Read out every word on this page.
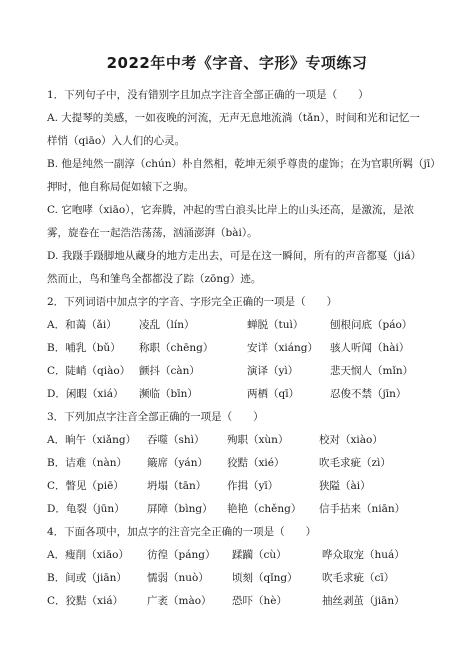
2022年中考《字音、字形》专项练习
1．下列句子中，没有错别字且加点字注音全部正确的一项是（　　）
A. 大提琴的美感，一如夜晚的河流，无声无息地流淌（tǎn），时间和光和记忆一
样悄（qiāo）入人们的心灵。
B. 他是纯然一副淳（chún）朴自然相，乾坤无须乎尊贵的虚饰；在为官职所羁（jī）
押时，他自称局促如辕下之驹。
C. 它咆哮（xiāo），它奔腾，冲起的雪白浪头比岸上的山头还高，是激流，是浓
雾，旋卷在一起浩浩荡荡，汹涌澎湃（bài）。
D. 我蹑手蹑脚地从藏身的地方走出去，可是在这一瞬间，所有的声音都戛（jiá）
然而止，鸟和雏鸟全都都没了踪（zōng）迹。
2．下列词语中加点字的字音、字形完全正确的一项是（　　）
A．和蔼（ǎi） 凌乱（lín）	蝉脱（tuì）	刨根问底（páo）
B．哺乳（bǔ） 称职（chēng）	安详（xiáng） 骇人听闻（hài）
C．陡峭（qiào） 颤抖（càn）	演译（yì）	悲天悯人（mǐn）
D．闲暇（xiá） 濒临（bīn）	两栖（qī）	忍俊不禁（jīn）
3．下列加点字注音全部正确的一项是（　　）
A．晌午（xiǎng） 吞噬（shì） 殉职（xùn）	校对（xiào）
B．诘难（nàn） 簸席（yán） 狡黠（xié）	吹毛求疵（zì）
C．瞥见（piē） 坍塌（tān） 作揖（yī）	狭隘（ài）
D．龟裂（jūn） 屏障（bìng） 艳艳（chěng） 信手拈来（niān）
4．下面各项中，加点字的注音完全正确的一项是（　　）
A．瘦削（xiāo） 彷徨（páng） 蹂躏（cù）	哗众取宠（huá）
B．间或（jiān） 懦弱（nuò） 顷刻（qǐng） 吹毛求疵（cī）
C．狡黠（xiá） 广袤（mào） 恐吓（hè）	抽丝剥茧（jiān）
